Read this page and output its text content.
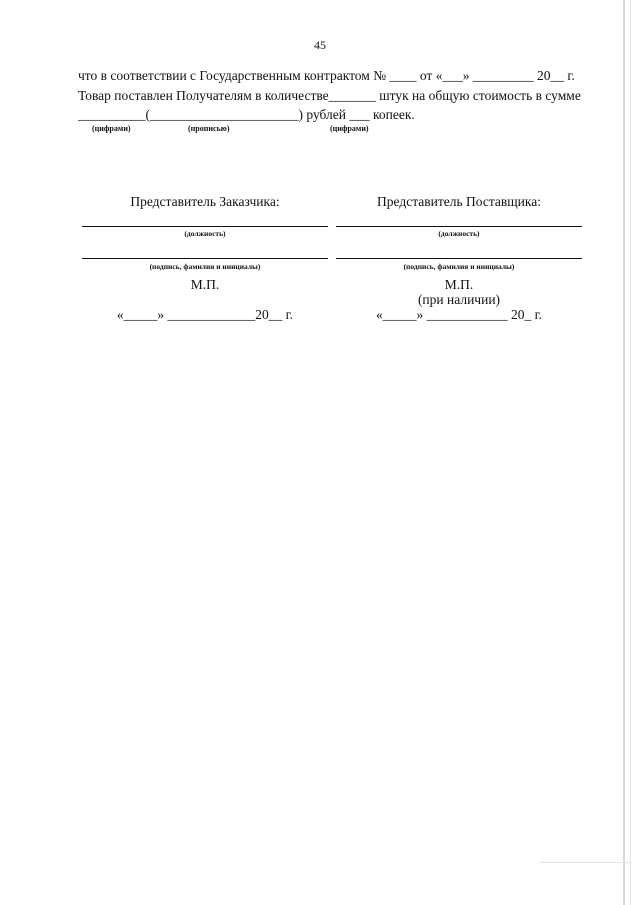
45
что в соответствии с Государственным контрактом № ____ от «___» _________ 20__ г.
Товар поставлен Получателям в количестве_______ штук на общую стоимость в сумме
__________(______________________) рублей ___ копеек.
(цифрами)	(прописью)	(цифрами)
Представитель Заказчика:
(должность)
(подпись, фамилия и инициалы)
М.П.
«_____» _____________20__ г.
Представитель Поставщика:
(должность)
(подпись, фамилия и инициалы)
М.П.
(при наличии)
«_____» ____________ 20_ г.
